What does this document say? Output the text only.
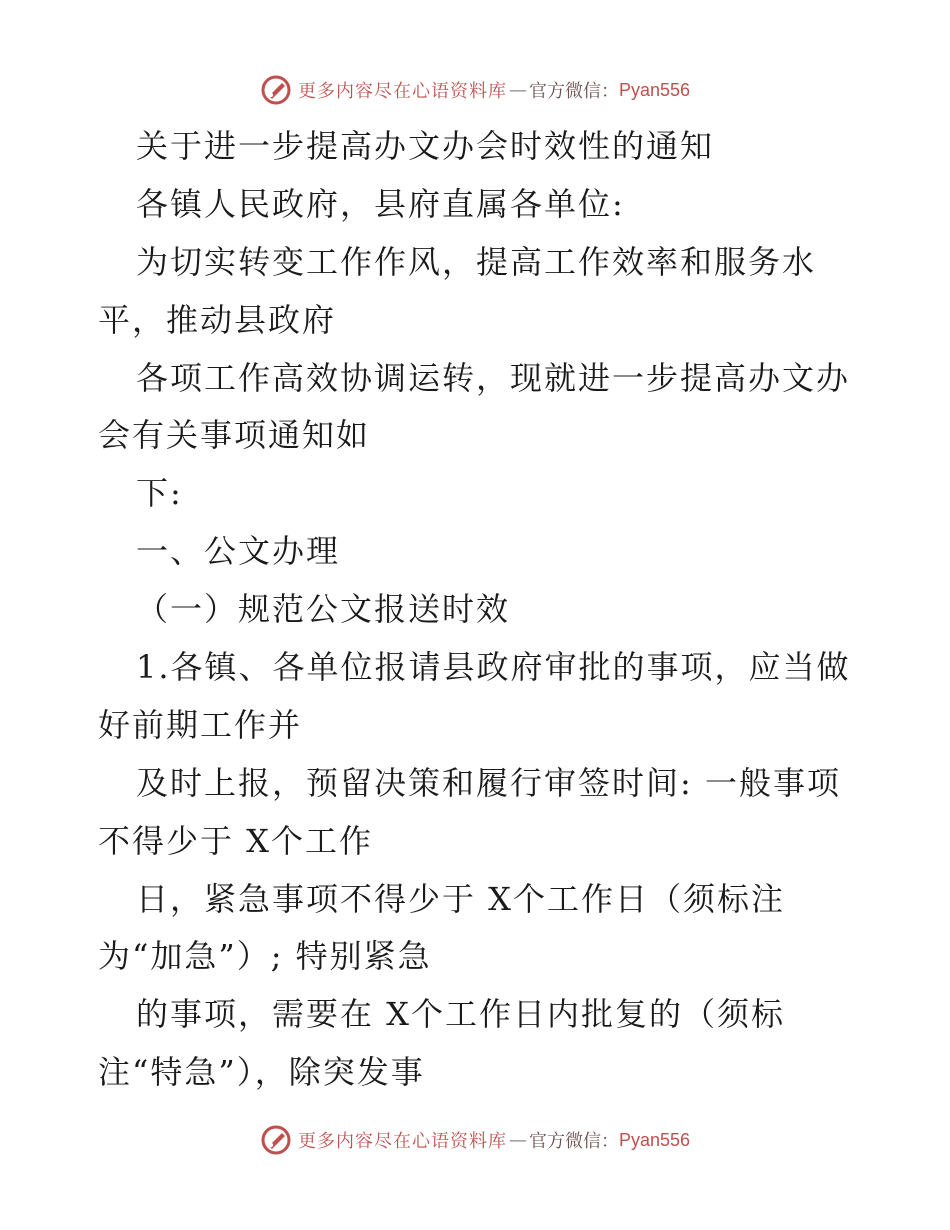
更多内容尽在心语资料库 — 官方微信： Pyan556
关于进一步提高办文办会时效性的通知
各镇人民政府，县府直属各单位:
为切实转变工作作风，提高工作效率和服务水
平，推动县政府
各项工作高效协调运转，现就进一步提高办文办
会有关事项通知如
下:
一、公文办理
（一）规范公文报送时效
1.各镇、各单位报请县政府审批的事项，应当做
好前期工作并
及时上报，预留决策和履行审签时间: 一般事项
不得少于 X个工作
日，紧急事项不得少于 X个工作日（须标注
为“加急”）; 特别紧急
的事项，需要在 X个工作日内批复的（须标
注“特急”），除突发事
更多内容尽在心语资料库 — 官方微信： Pyan556
